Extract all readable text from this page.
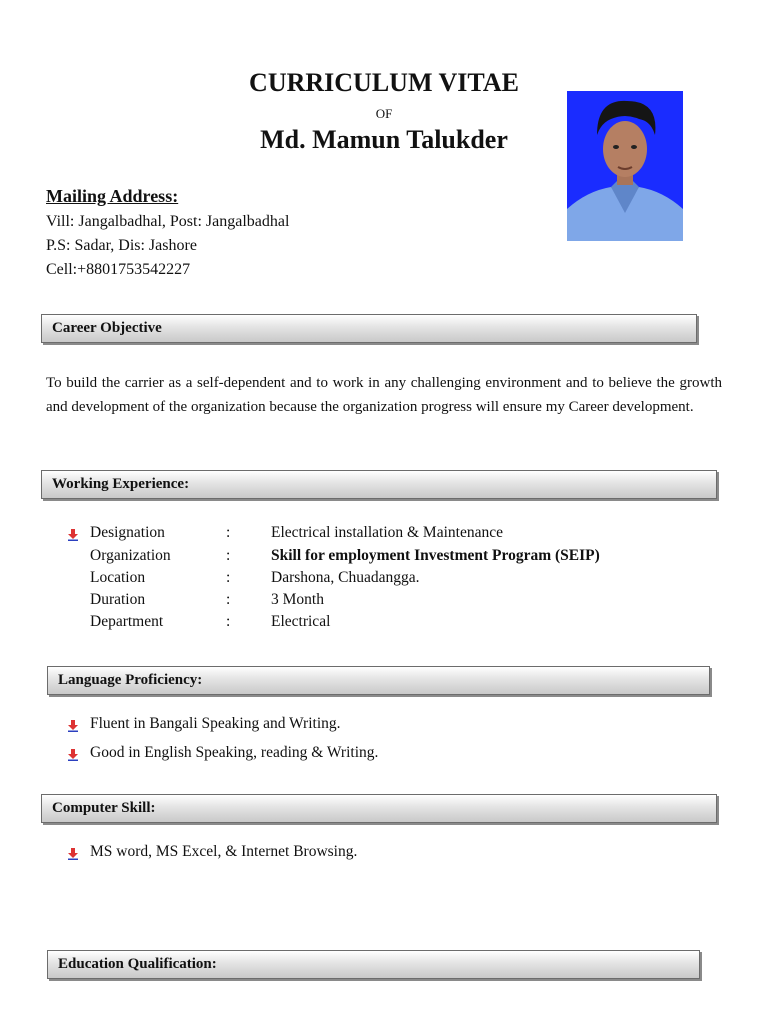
CURRICULUM VITAE
OF
Md. Mamun Talukder
Mailing Address:
Vill: Jangalbadhal, Post: Jangalbadhal
P.S: Sadar, Dis: Jashore
Cell:+8801753542227
Career Objective
To build the carrier as a self-dependent and to work in any challenging environment and to believe the growth and development of the organization because the organization progress will ensure my Career development.
Working Experience:
Designation	:	Electrical installation & Maintenance
Organization	:	Skill for employment Investment Program (SEIP)
Location	:	Darshona, Chuadangga.
Duration	:	3 Month
Department	:	Electrical
Language Proficiency:
Fluent in Bangali Speaking and Writing.
Good in English Speaking, reading & Writing.
Computer Skill:
MS word, MS Excel, & Internet Browsing.
Education Qualification:
